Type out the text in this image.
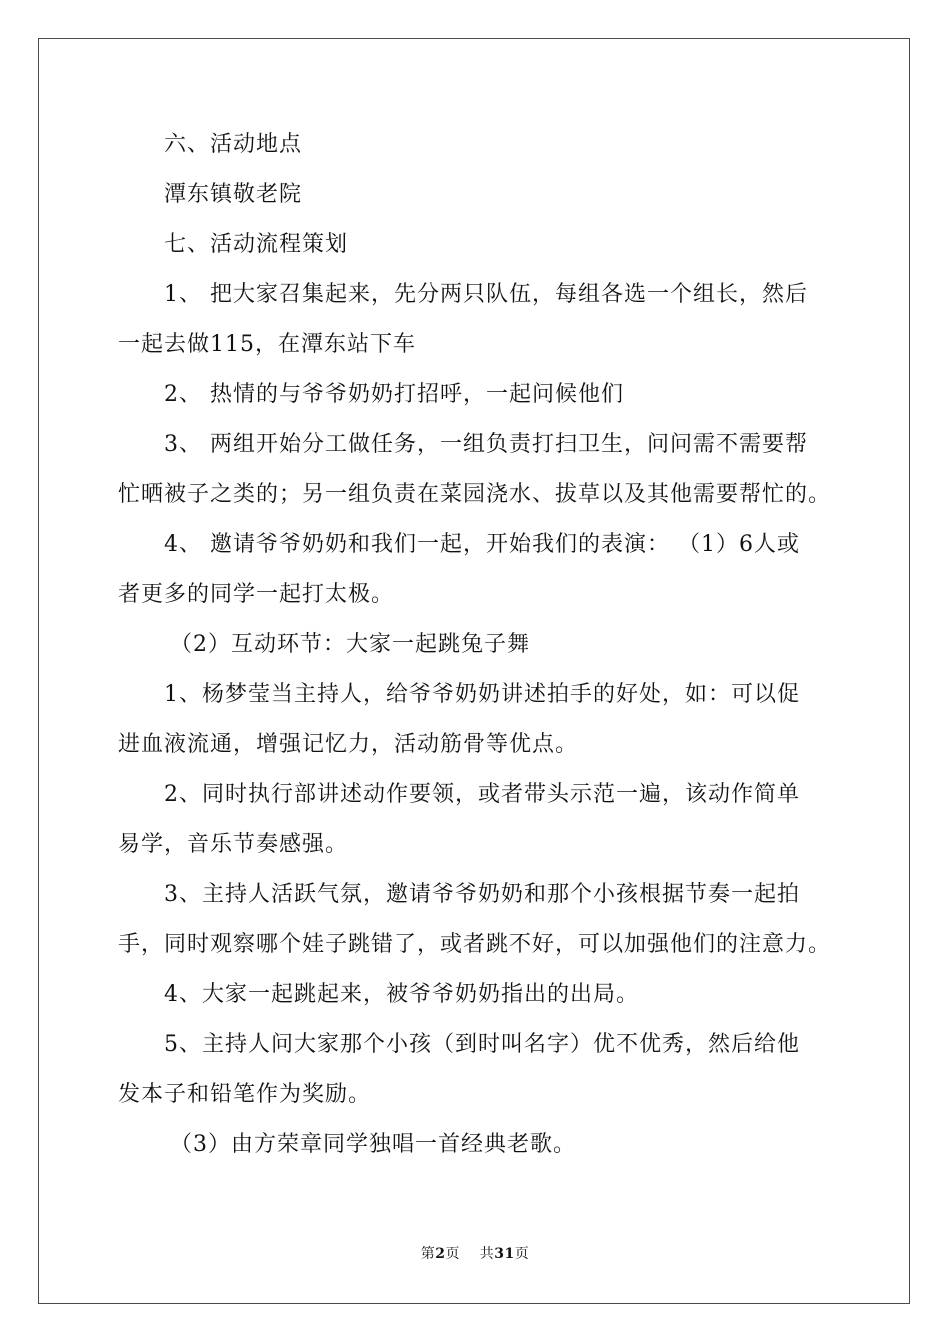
六、活动地点

潭东镇敬老院

七、活动流程策划

1、 把大家召集起来，先分两只队伍，每组各选一个组长，然后

一起去做115，在潭东站下车

2、 热情的与爷爷奶奶打招呼，一起问候他们

3、 两组开始分工做任务，一组负责打扫卫生，问问需不需要帮

忙晒被子之类的；另一组负责在菜园浇水、拔草以及其他需要帮忙的。

4、 邀请爷爷奶奶和我们一起，开始我们的表演： （1）6人或

者更多的同学一起打太极。

（2）互动环节：大家一起跳兔子舞

1、杨梦莹当主持人，给爷爷奶奶讲述拍手的好处，如：可以促

进血液流通，增强记忆力，活动筋骨等优点。

2、同时执行部讲述动作要领，或者带头示范一遍，该动作简单

易学，音乐节奏感强。

3、主持人活跃气氛，邀请爷爷奶奶和那个小孩根据节奏一起拍

手，同时观察哪个娃子跳错了，或者跳不好，可以加强他们的注意力。

4、大家一起跳起来，被爷爷奶奶指出的出局。

5、主持人问大家那个小孩（到时叫名字）优不优秀，然后给他

发本子和铅笔作为奖励。

（3）由方荣章同学独唱一首经典老歌。

第2页 共31页
